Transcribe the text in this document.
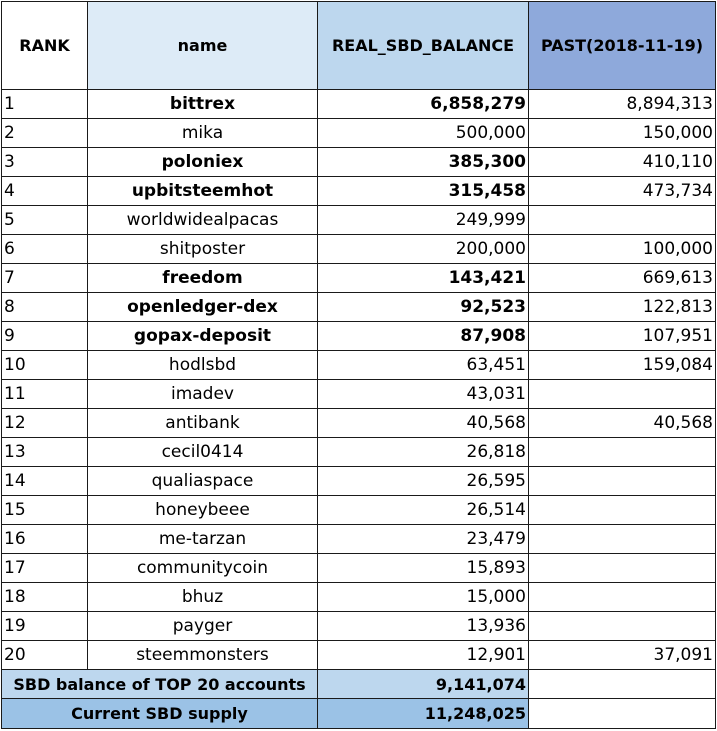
RANK	name	REAL_SBD_BALANCE	PAST(2018-11-19)
1	bittrex	6,858,279	8,894,313
2	mika	500,000	150,000
3	poloniex	385,300	410,110
4	upbitsteemhot	315,458	473,734
5	worldwidealpacas	249,999	
6	shitposter	200,000	100,000
7	freedom	143,421	669,613
8	openledger-dex	92,523	122,813
9	gopax-deposit	87,908	107,951
10	hodlsbd	63,451	159,084
11	imadev	43,031	
12	antibank	40,568	40,568
13	cecil0414	26,818	
14	qualiaspace	26,595	
15	honeybeee	26,514	
16	me-tarzan	23,479	
17	communitycoin	15,893	
18	bhuz	15,000	
19	payger	13,936	
20	steemmonsters	12,901	37,091
SBD balance of TOP 20 accounts		9,141,074	
Current SBD supply		11,248,025	
